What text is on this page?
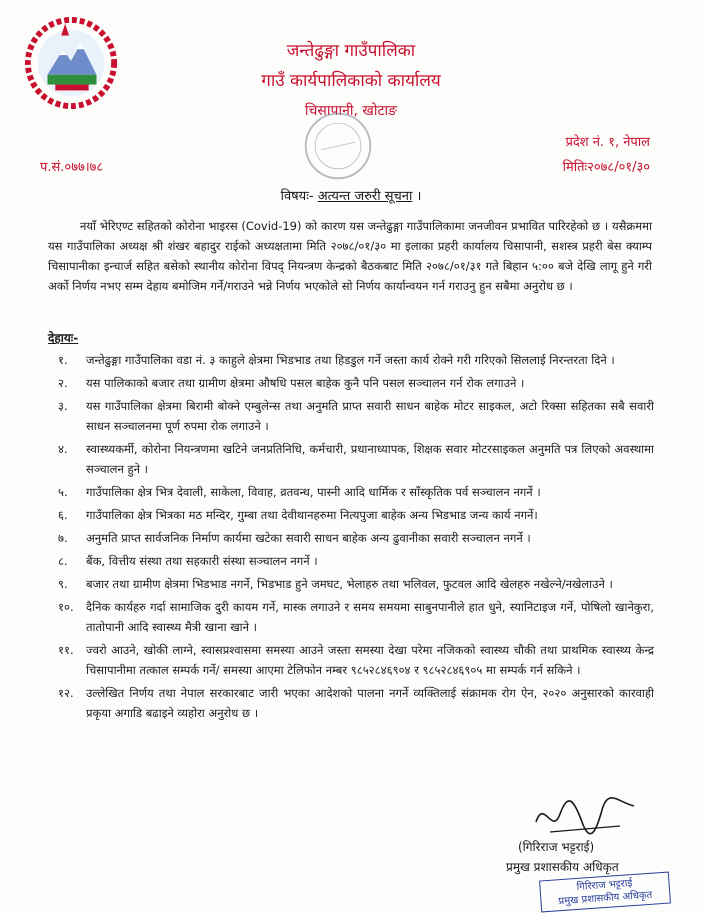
जन्तेढुङ्गा गाउँपालिका
गाउँ कार्यपालिकाको कार्यालय
चिसापानी, खोटाङ
प्रदेश नं. १, नेपाल
प.सं.०७७।७८	मितिः२०७८/०१/३०
विषयः- अत्यन्त जरुरी सूचना ।

नयाँ भेरिएण्ट सहितको कोरोना भाइरस (Covid-19) को कारण यस जन्तेढुङ्गा गाउँपालिकामा जनजीवन प्रभावित पारिरहेको छ । यसैक्रममा यस गाउँपालिका अध्यक्ष श्री शंखर बहादुर राईको अध्यक्षतामा मिति २०७८/०१/३० मा इलाका प्रहरी कार्यालय चिसापानी, सशस्त्र प्रहरी बेस क्याम्प चिसापानीका इन्चार्ज सहित बसेको स्थानीय कोरोना विपद् नियन्त्रण केन्द्रको बैठकबाट मिति २०७८/०१/३१ गते बिहान ५:०० बजे देखि लागू हुने गरी अर्को निर्णय नभए सम्म देहाय बमोजिम गर्ने/गराउने भन्ने निर्णय भएकोले सो निर्णय कार्यान्वयन गर्न गराउनु हुन सबैमा अनुरोध छ ।

देहायः-
१. जन्तेढुङ्गा गाउँपालिका वडा नं. ३ काहुले क्षेत्रमा भिडभाड तथा हिडडुल गर्ने जस्ता कार्य रोक्ने गरी गरिएको सिललाई निरन्तरता दिने ।
२. यस पालिकाको बजार तथा ग्रामीण क्षेत्रमा औषधि पसल बाहेक कुनै पनि पसल सञ्चालन गर्न रोक लगाउने ।
३. यस गाउँपालिका क्षेत्रमा बिरामी बोक्ने एम्बुलेन्स तथा अनुमति प्राप्त सवारी साधन बाहेक मोटर साइकल, अटो रिक्सा सहितका सबै सवारी साधन सञ्चालनमा पूर्ण रुपमा रोक लगाउने ।
४. स्वास्थ्यकर्मी, कोरोना नियन्त्रणमा खटिने जनप्रतिनिधि, कर्मचारी, प्रधानाध्यापक, शिक्षक सवार मोटरसाइकल अनुमति पत्र लिएको अवस्थामा सञ्चालन हुने ।
५. गाउँपालिका क्षेत्र भित्र देवाली, साकेला, विवाह, व्रतवन्ध, पास्नी आदि धार्मिक र साँस्कृतिक पर्व सञ्चालन नगर्ने ।
६. गाउँपालिका क्षेत्र भित्रका मठ मन्दिर, गुम्बा तथा देवीथानहरुमा नित्यपुजा बाहेक अन्य भिडभाड जन्य कार्य नगर्ने।
७. अनुमति प्राप्त सार्वजनिक निर्माण कार्यमा खटेका सवारी साधन बाहेक अन्य ढुवानीका सवारी सञ्चालन नगर्ने ।
८. बैंक, वित्तीय संस्था तथा सहकारी संस्था सञ्चालन नगर्ने ।
९. बजार तथा ग्रामीण क्षेत्रमा भिडभाड नगर्ने, भिडभाड हुने जमघट, भेलाहरु तथा भलिवल, फुटवल आदि खेलहरु नखेल्ने/नखेलाउने ।
१०. दैनिक कार्यहरु गर्दा सामाजिक दुरी कायम गर्ने, मास्क लगाउने र समय समयमा साबुनपानीले हात धुने, स्यानिटाइज गर्ने, पोषिलो खानेकुरा, तातोपानी आदि स्वास्थ्य मैत्री खाना खाने ।
११. ज्वरो आउने, खोकी लाग्ने, स्वासप्रश्वासमा समस्या आउने जस्ता समस्या देखा परेमा नजिकको स्वास्थ्य चौकी तथा प्राथमिक स्वास्थ्य केन्द्र चिसापानीमा तत्काल सम्पर्क गर्ने/ समस्या आएमा टेलिफोन नम्बर ९८५२८४६९०४ र ९८५२८४६९०५ मा सम्पर्क गर्न सकिने ।
१२. उल्लेखित निर्णय तथा नेपाल सरकारबाट जारी भएका आदेशको पालना नगर्ने व्यक्तिलाई संक्रामक रोग ऐन, २०२० अनुसारको कारवाही प्रकृया अगाडि बढाइने व्यहोरा अनुरोध छ ।
(गिरिराज भट्टराई)
प्रमुख प्रशासकीय अधिकृत
गिरिराज भट्टराई
प्रमुख प्रशासकीय अधिकृत
